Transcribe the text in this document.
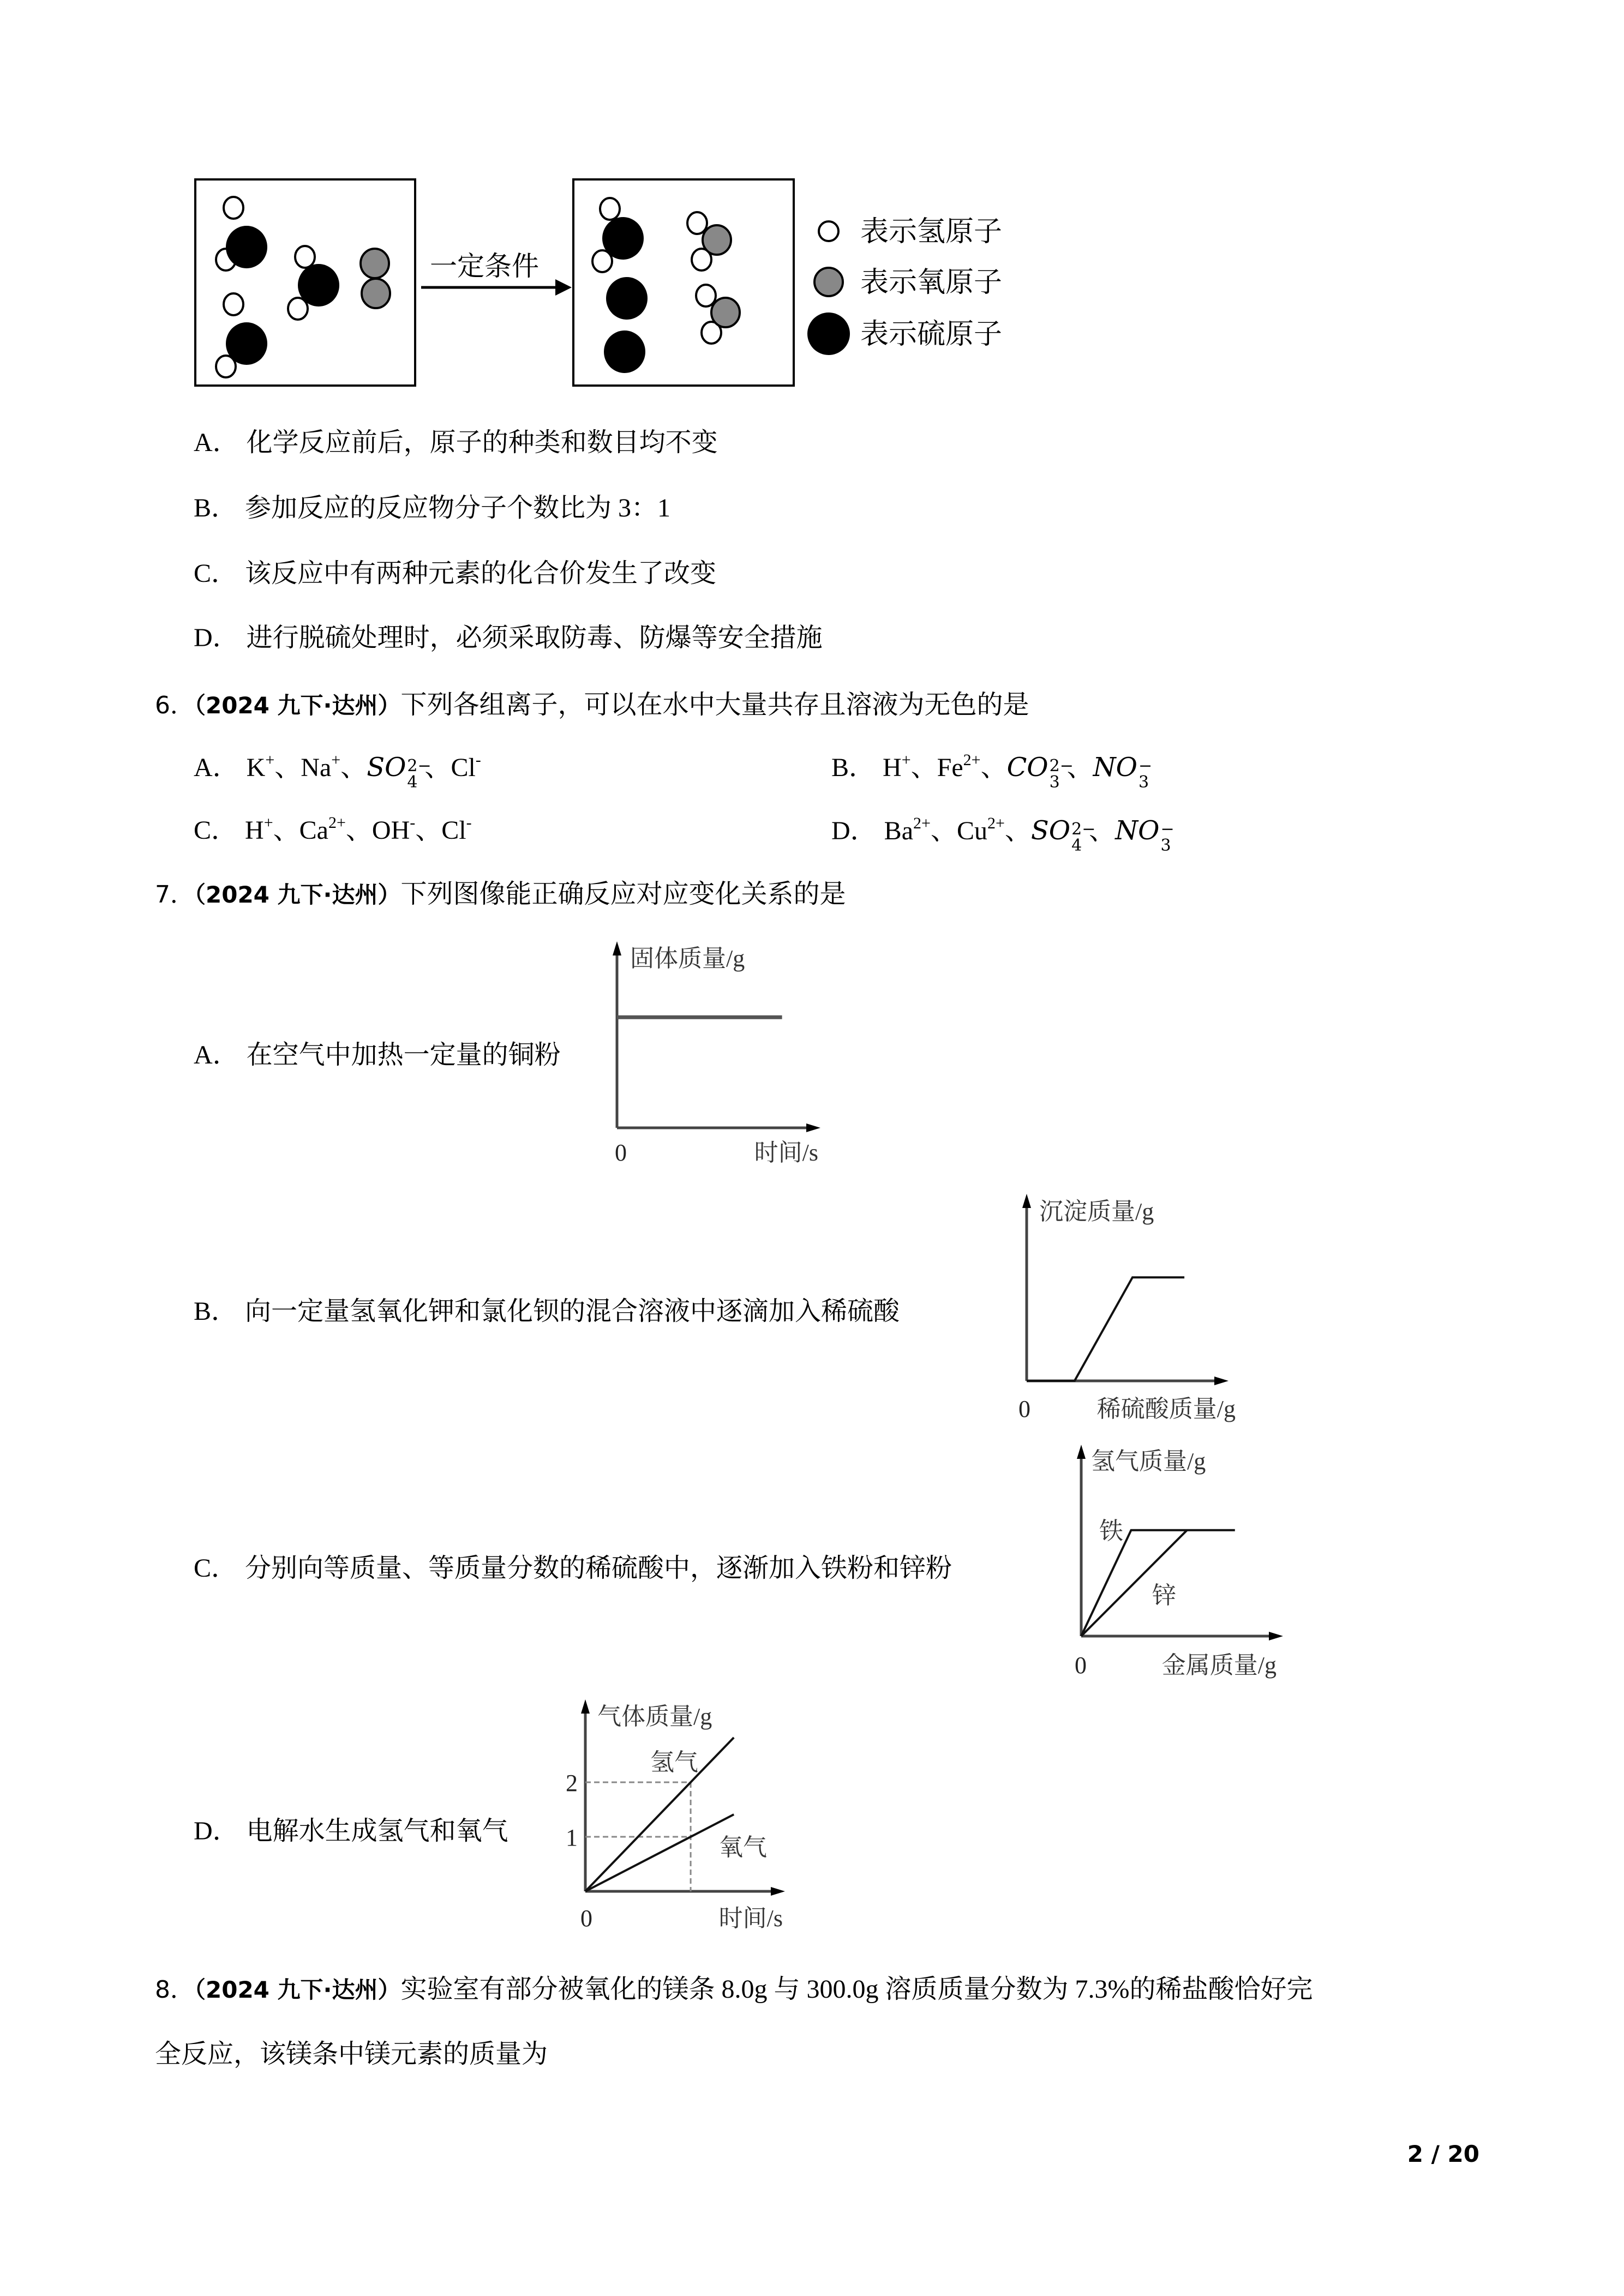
一定条件
表示氢原子
表示氧原子
表示硫原子
A． 化学反应前后，原子的种类和数目均不变
B． 参加反应的反应物分子个数比为 3：1
C． 该反应中有两种元素的化合价发生了改变
D． 进行脱硫处理时，必须采取防毒、防爆等安全措施
6．（2024 九下·达州）下列各组离子，可以在水中大量共存且溶液为无色的是
A． K+、Na+、SO 2−
4
、Cl-	B． H+、$Fe^{2+}$、CO 2−
3
、NO −
3
C． H+、$Ca^{2+}$、OH-、Cl-	D． $Ba^{2+}$、$Cu^{2+}$、SO 2−
4
、NO −
3
7．（2024 九下·达州）下列图像能正确反应对应变化关系的是
A． 在空气中加热一定量的铜粉
B． 向一定量氢氧化钾和氯化钡的混合溶液中逐滴加入稀硫酸
C． 分别向等质量、等质量分数的稀硫酸中，逐渐加入铁粉和锌粉
D． 电解水生成氢气和氧气
固体质量/g
时间/s
0
沉淀质量/g
稀硫酸质量/g
0
氢气质量/g
金属质量/g
0
铁
锌
气体质量/g
时间/s
0
1
2
氢气
氧气
8．（2024 九下·达州）实验室有部分被氧化的镁条 8.0g 与 300.0g 溶质质量分数为 7.3%的稀盐酸恰好完
全反应，该镁条中镁元素的质量为
2 / 20
